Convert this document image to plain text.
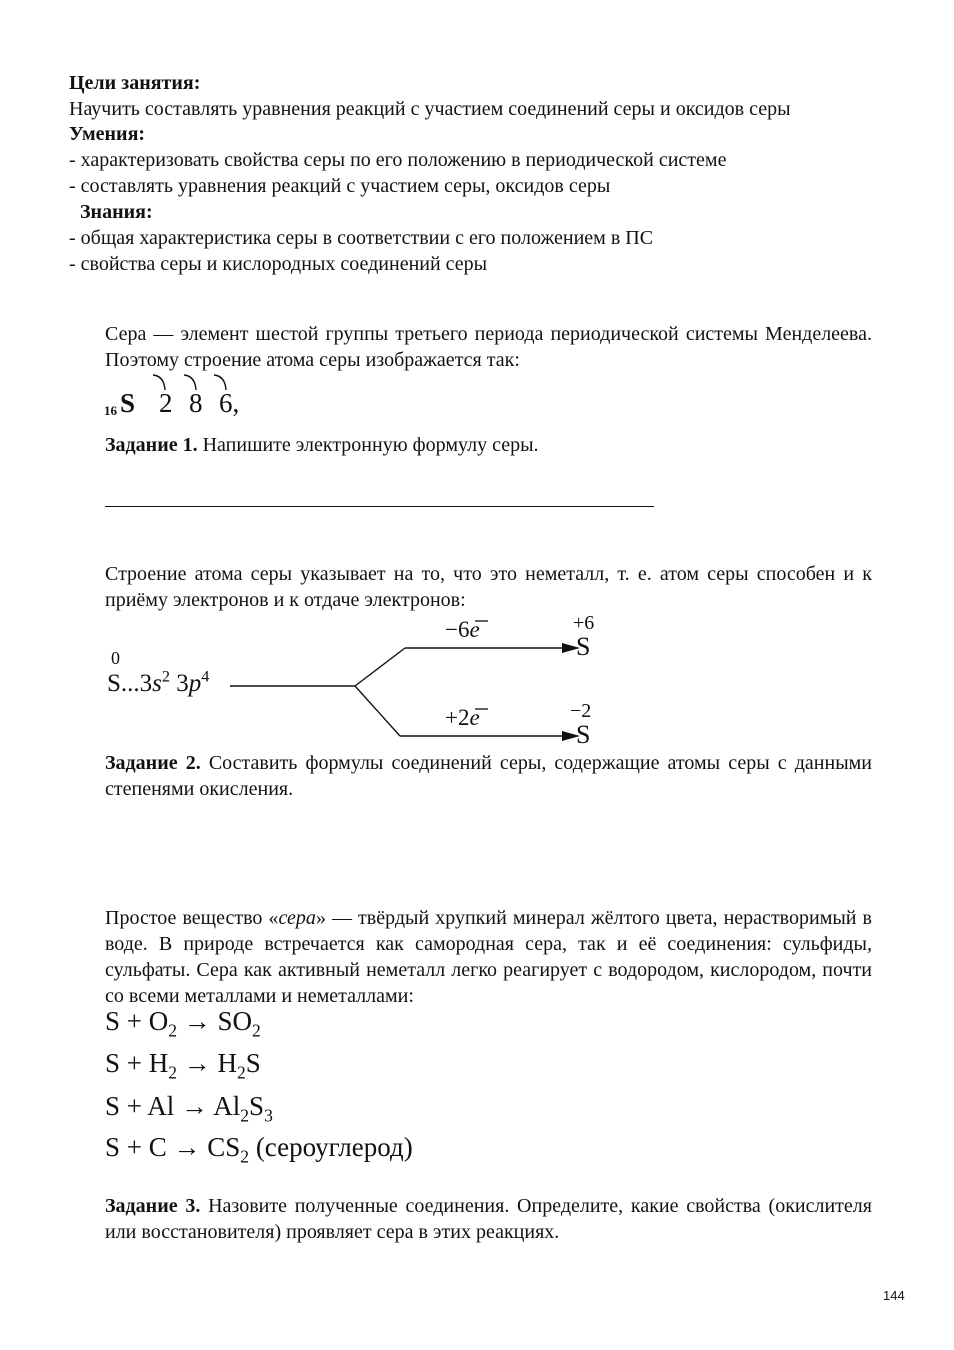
Цели занятия:
Научить составлять уравнения реакций с участием соединений серы и оксидов серы
Умения:
- характеризовать свойства серы по его положению в периодической системе
- составлять уравнения реакций с участием серы, оксидов серы
Знания:
- общая характеристика серы в соответствии с его положением в ПС
- свойства серы и кислородных соединений серы
Сера — элемент шестой группы третьего периода периодической системы Менделеева. Поэтому строение атома серы изображается так:
16 S 2 8 6,
Задание 1. Напишите электронную формулу серы.
Строение атома серы указывает на то, что это неметалл, т. е. атом серы способен и к приёму электронов и к отдаче электронов:
0
$S...3s^2$ $3p^4$
−6e	+6
S
+2e	−2
S
Задание 2. Составить формулы соединений серы, содержащие атомы серы с данными степенями окисления.
Простое вещество «сера» — твёрдый хрупкий минерал жёлтого цвета, нерастворимый в воде. В природе встречается как самородная сера, так и её соединения: сульфиды, сульфаты. Сера как активный неметалл легко реагирует с водородом, кислородом, почти со всеми металлами и неметаллами:
$S + O_2 \to SO_2$
$S + H_2 \to H_2S$
$S + Al \to Al_2S_3$
$S + C \to CS_2$ (сероуглерод)
Задание 3. Назовите полученные соединения. Определите, какие свойства (окислителя или восстановителя) проявляет сера в этих реакциях.
144
